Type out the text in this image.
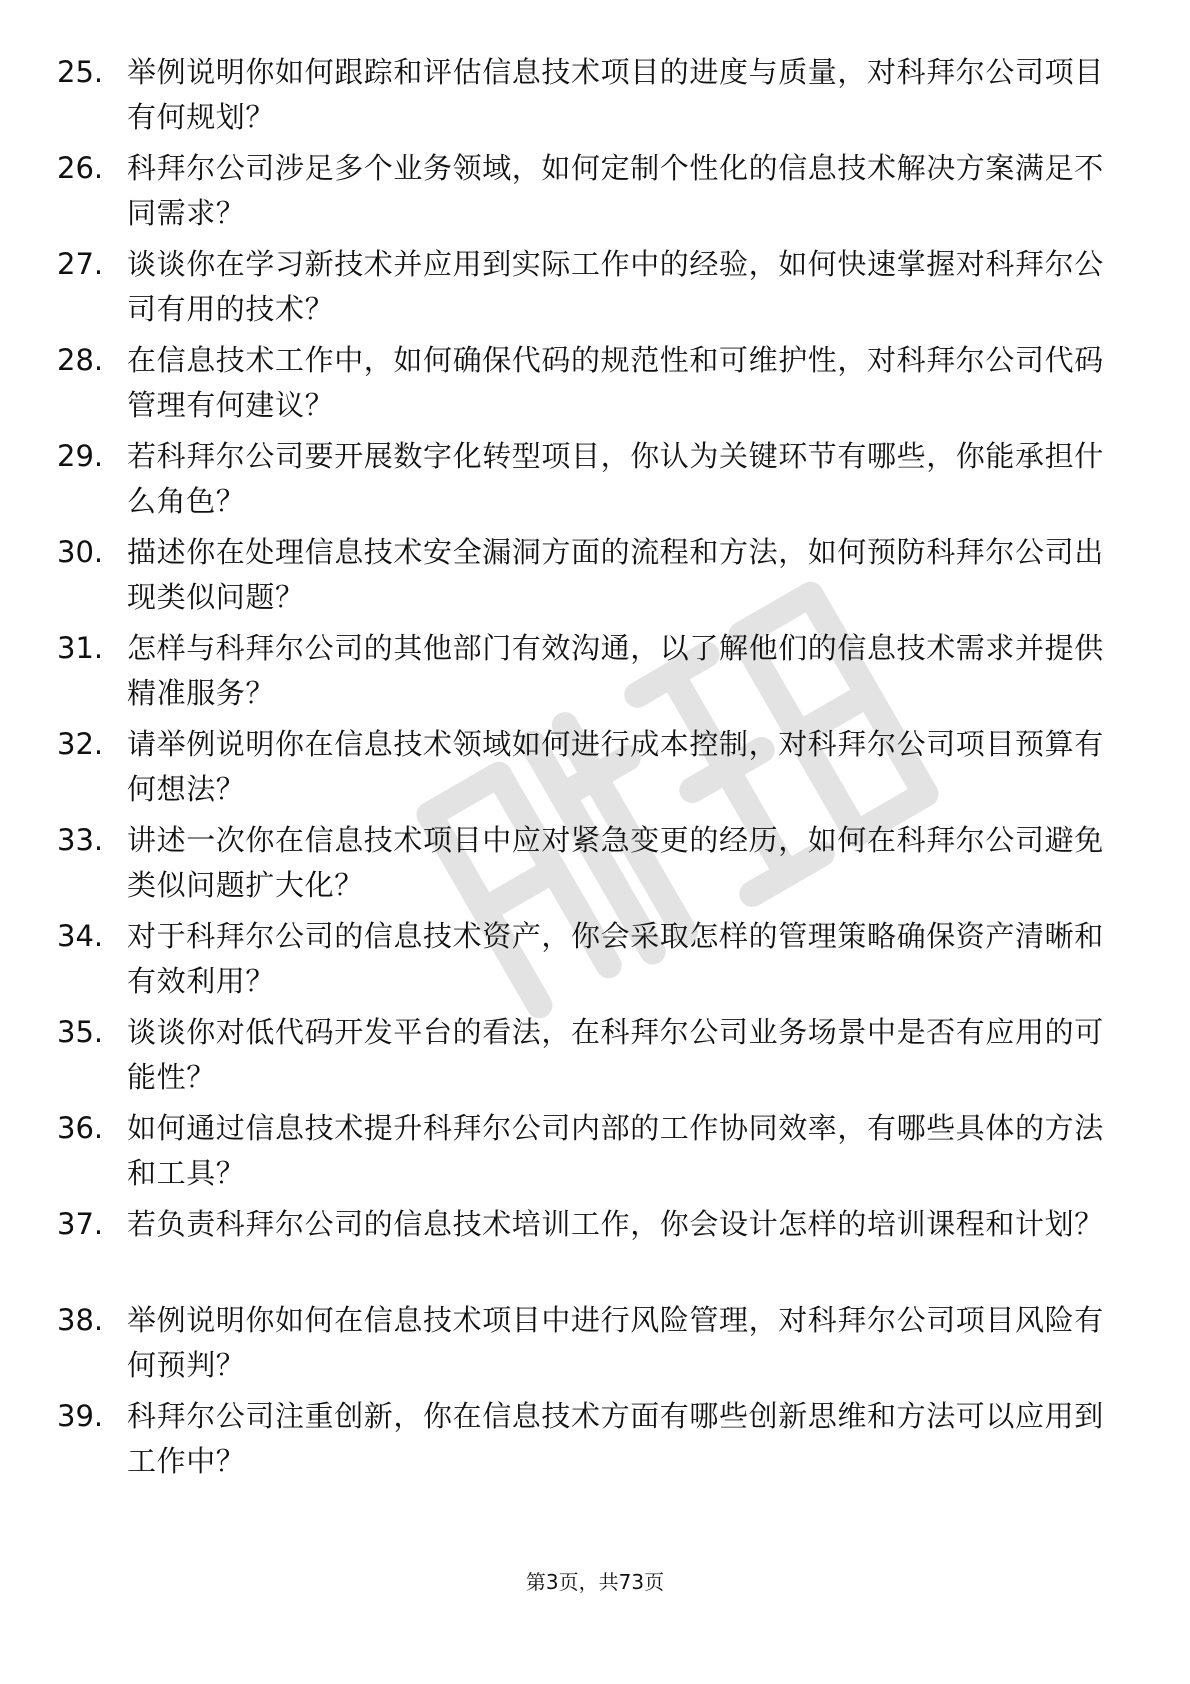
25. 举例说明你如何跟踪和评估信息技术项目的进度与质量，对科拜尔公司项目有何规划？
26. 科拜尔公司涉足多个业务领域，如何定制个性化的信息技术解决方案满足不同需求？
27. 谈谈你在学习新技术并应用到实际工作中的经验，如何快速掌握对科拜尔公司有用的技术？
28. 在信息技术工作中，如何确保代码的规范性和可维护性，对科拜尔公司代码管理有何建议？
29. 若科拜尔公司要开展数字化转型项目，你认为关键环节有哪些，你能承担什么角色？
30. 描述你在处理信息技术安全漏洞方面的流程和方法，如何预防科拜尔公司出现类似问题？
31. 怎样与科拜尔公司的其他部门有效沟通，以了解他们的信息技术需求并提供精准服务？
32. 请举例说明你在信息技术领域如何进行成本控制，对科拜尔公司项目预算有何想法？
33. 讲述一次你在信息技术项目中应对紧急变更的经历，如何在科拜尔公司避免类似问题扩大化？
34. 对于科拜尔公司的信息技术资产，你会采取怎样的管理策略确保资产清晰和有效利用？
35. 谈谈你对低代码开发平台的看法，在科拜尔公司业务场景中是否有应用的可能性？
36. 如何通过信息技术提升科拜尔公司内部的工作协同效率，有哪些具体的方法和工具？
37. 若负责科拜尔公司的信息技术培训工作，你会设计怎样的培训课程和计划？
38. 举例说明你如何在信息技术项目中进行风险管理，对科拜尔公司项目风险有何预判？
39. 科拜尔公司注重创新，你在信息技术方面有哪些创新思维和方法可以应用到工作中？
第3页，共73页
